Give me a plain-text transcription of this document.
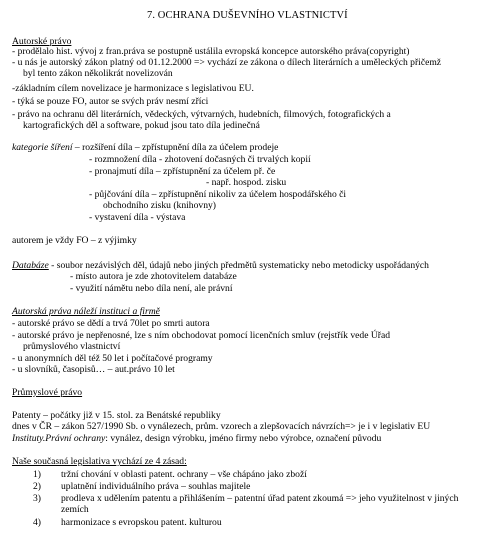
7. OCHRANA DUŠEVNÍHO VLASTNICTVÍ
Autorské právo
- prodělalo hist. vývoj z fran.práva se postupně ustálila evropská koncepce autorského práva(copyright)
- u nás je autorský zákon platný od 01.12.2000 => vychází ze zákona o dílech literárních a uměleckých přičemž
byl tento zákon několikrát novelizován
-základním cílem novelizace je harmonizace s legislativou EU.
- týká se pouze FO, autor se svých práv nesmí zříci
- právo na ochranu děl literárních, vědeckých, výtvarných, hudebních, filmových, fotografických a
kartografických děl a software, pokud jsou tato díla jedinečná
kategorie šíření – rozšíření díla – zpřístupnění díla za účelem prodeje
- rozmnožení díla - zhotovení dočasných či trvalých kopií
- pronajmutí díla – zpřístupnění za účelem př. če
- např. hospod. zisku
- půjčování díla – zpřístupnění nikoliv za účelem hospodářského či
obchodního zisku (knihovny)
- vystavení díla - výstava
autorem je vždy FO – z výjimky
Databáze - soubor nezávislých děl, údajů nebo jiných předmětů systematicky nebo metodicky uspořádaných
- místo autora je zde zhotovitelem databáze
- využití námětu nebo díla není, ale právní
Autorská práva náleží instituci a firmě
- autorské právo se dědí a trvá 70let po smrti autora
- autorské právo je nepřenosné, lze s ním obchodovat pomocí licenčních smluv (rejstřík vede Úřad
průmyslového vlastnictví
- u anonymních děl též 50 let i počítačové programy
- u slovníků, časopisů… – aut.právo 10 let
Průmyslové právo
Patenty – počátky již v 15. stol. za Benátské republiky
dnes v ČR – zákon 527/1990 Sb. o vynálezech, prům. vzorech a zlepšovacích návrzích=> je i v legislativ EU
Instituty.Právní ochrany: vynález, design výrobku, jméno firmy nebo výrobce, označení původu
Naše současná legislativa vychází ze 4 zásad:
1) tržní chování v oblasti patent. ochrany – vše chápáno jako zboží
2) uplatnění individuálního práva – souhlas majitele
3) prodleva x udělením patentu a přihlášením – patentní úřad patent zkoumá => jeho využitelnost v jiných
zemích
4) harmonizace s evropskou patent. kulturou
